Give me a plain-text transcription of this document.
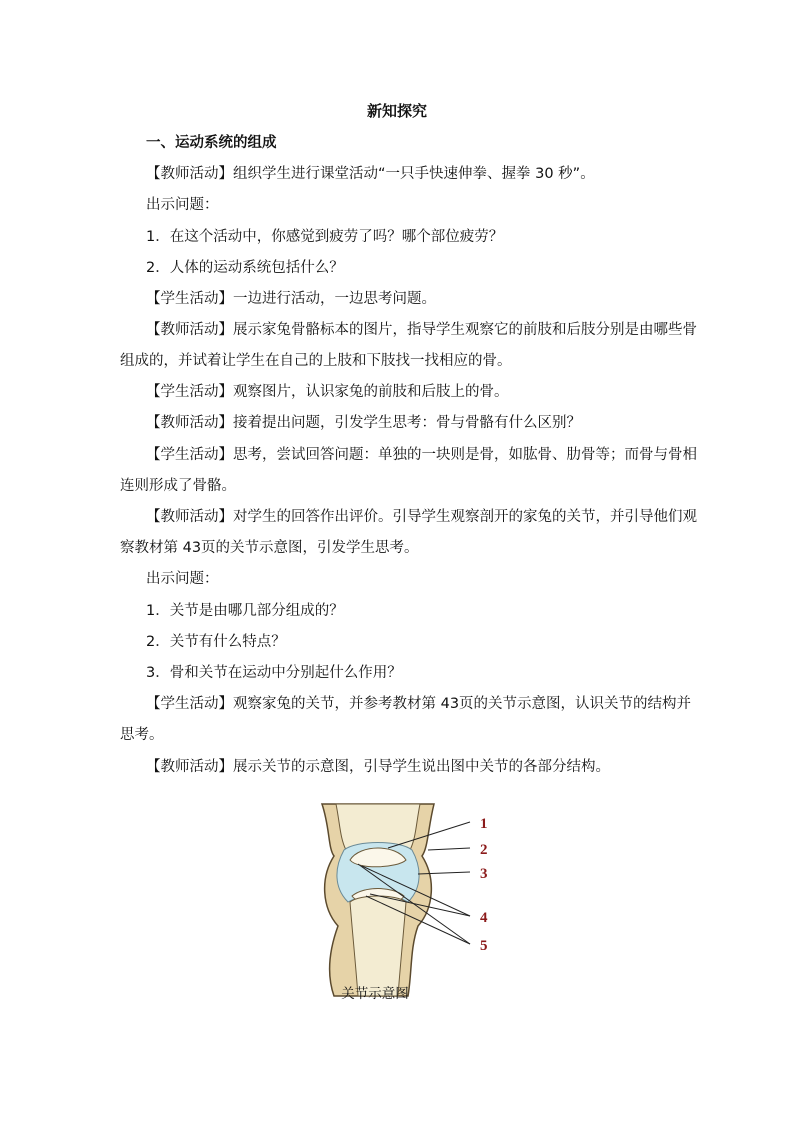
新知探究
一、运动系统的组成
【教师活动】组织学生进行课堂活动“一只手快速伸拳、握拳 30 秒”。
出示问题：
1．在这个活动中，你感觉到疲劳了吗？哪个部位疲劳？
2．人体的运动系统包括什么？
【学生活动】一边进行活动，一边思考问题。
【教师活动】展示家兔骨骼标本的图片，指导学生观察它的前肢和后肢分别是由哪些骨
组成的，并试着让学生在自己的上肢和下肢找一找相应的骨。
【学生活动】观察图片，认识家兔的前肢和后肢上的骨。
【教师活动】接着提出问题，引发学生思考：骨与骨骼有什么区别？
【学生活动】思考，尝试回答问题：单独的一块则是骨，如肱骨、肋骨等；而骨与骨相
连则形成了骨骼。
【教师活动】对学生的回答作出评价。引导学生观察剖开的家兔的关节，并引导他们观
察教材第 43页的关节示意图，引发学生思考。
出示问题：
1．关节是由哪几部分组成的？
2．关节有什么特点？
3．骨和关节在运动中分别起什么作用？
【学生活动】观察家兔的关节，并参考教材第 43页的关节示意图，认识关节的结构并
思考。
【教师活动】展示关节的示意图，引导学生说出图中关节的各部分结构。
1
2
3
4
5
关节示意图
